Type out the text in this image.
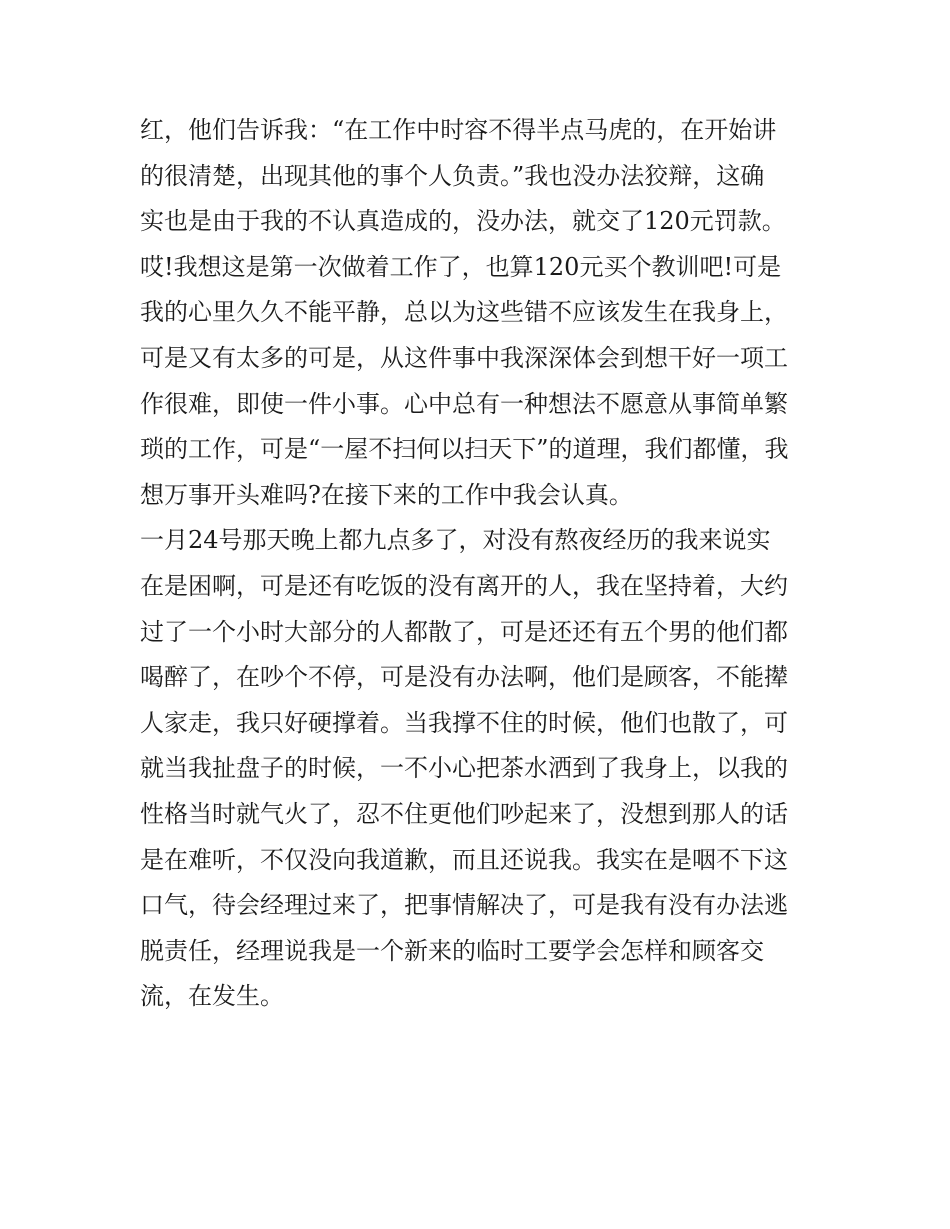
红，他们告诉我：“在工作中时容不得半点马虎的，在开始讲
的很清楚，出现其他的事个人负责。”我也没办法狡辩，这确
实也是由于我的不认真造成的，没办法，就交了120元罚款。
哎!我想这是第一次做着工作了，也算120元买个教训吧!可是
我的心里久久不能平静，总以为这些错不应该发生在我身上，
可是又有太多的可是，从这件事中我深深体会到想干好一项工
作很难，即使一件小事。心中总有一种想法不愿意从事简单繁
琐的工作，可是“一屋不扫何以扫天下”的道理，我们都懂，我
想万事开头难吗?在接下来的工作中我会认真。
一月24号那天晚上都九点多了，对没有熬夜经历的我来说实
在是困啊，可是还有吃饭的没有离开的人，我在坚持着，大约
过了一个小时大部分的人都散了，可是还还有五个男的他们都
喝醉了，在吵个不停，可是没有办法啊，他们是顾客，不能撵
人家走，我只好硬撑着。当我撑不住的时候，他们也散了，可
就当我扯盘子的时候，一不小心把茶水洒到了我身上，以我的
性格当时就气火了，忍不住更他们吵起来了，没想到那人的话
是在难听，不仅没向我道歉，而且还说我。我实在是咽不下这
口气，待会经理过来了，把事情解决了，可是我有没有办法逃
脱责任，经理说我是一个新来的临时工要学会怎样和顾客交
流，在发生。
